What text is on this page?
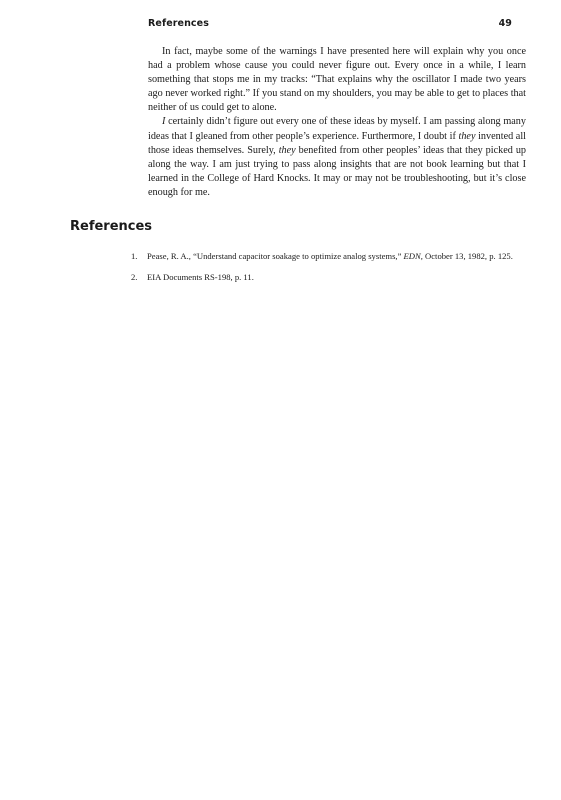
References	49

In fact, maybe some of the warnings I have presented here will explain why you once had a problem whose cause you could never figure out. Every once in a while, I learn something that stops me in my tracks: “That explains why the oscillator I made two years ago never worked right.” If you stand on my shoulders, you may be able to get to places that neither of us could get to alone.

I certainly didn’t figure out every one of these ideas by myself. I am passing along many ideas that I gleaned from other people’s experience. Furthermore, I doubt if they invented all those ideas themselves. Surely, they benefited from other peoples’ ideas that they picked up along the way. I am just trying to pass along insights that are not book learning but that I learned in the College of Hard Knocks. It may or may not be troubleshooting, but it’s close enough for me.

References
1.	Pease, R. A., “Understand capacitor soakage to optimize analog systems,” EDN, October 13, 1982, p. 125.
2.	EIA Documents RS-198, p. 11.
